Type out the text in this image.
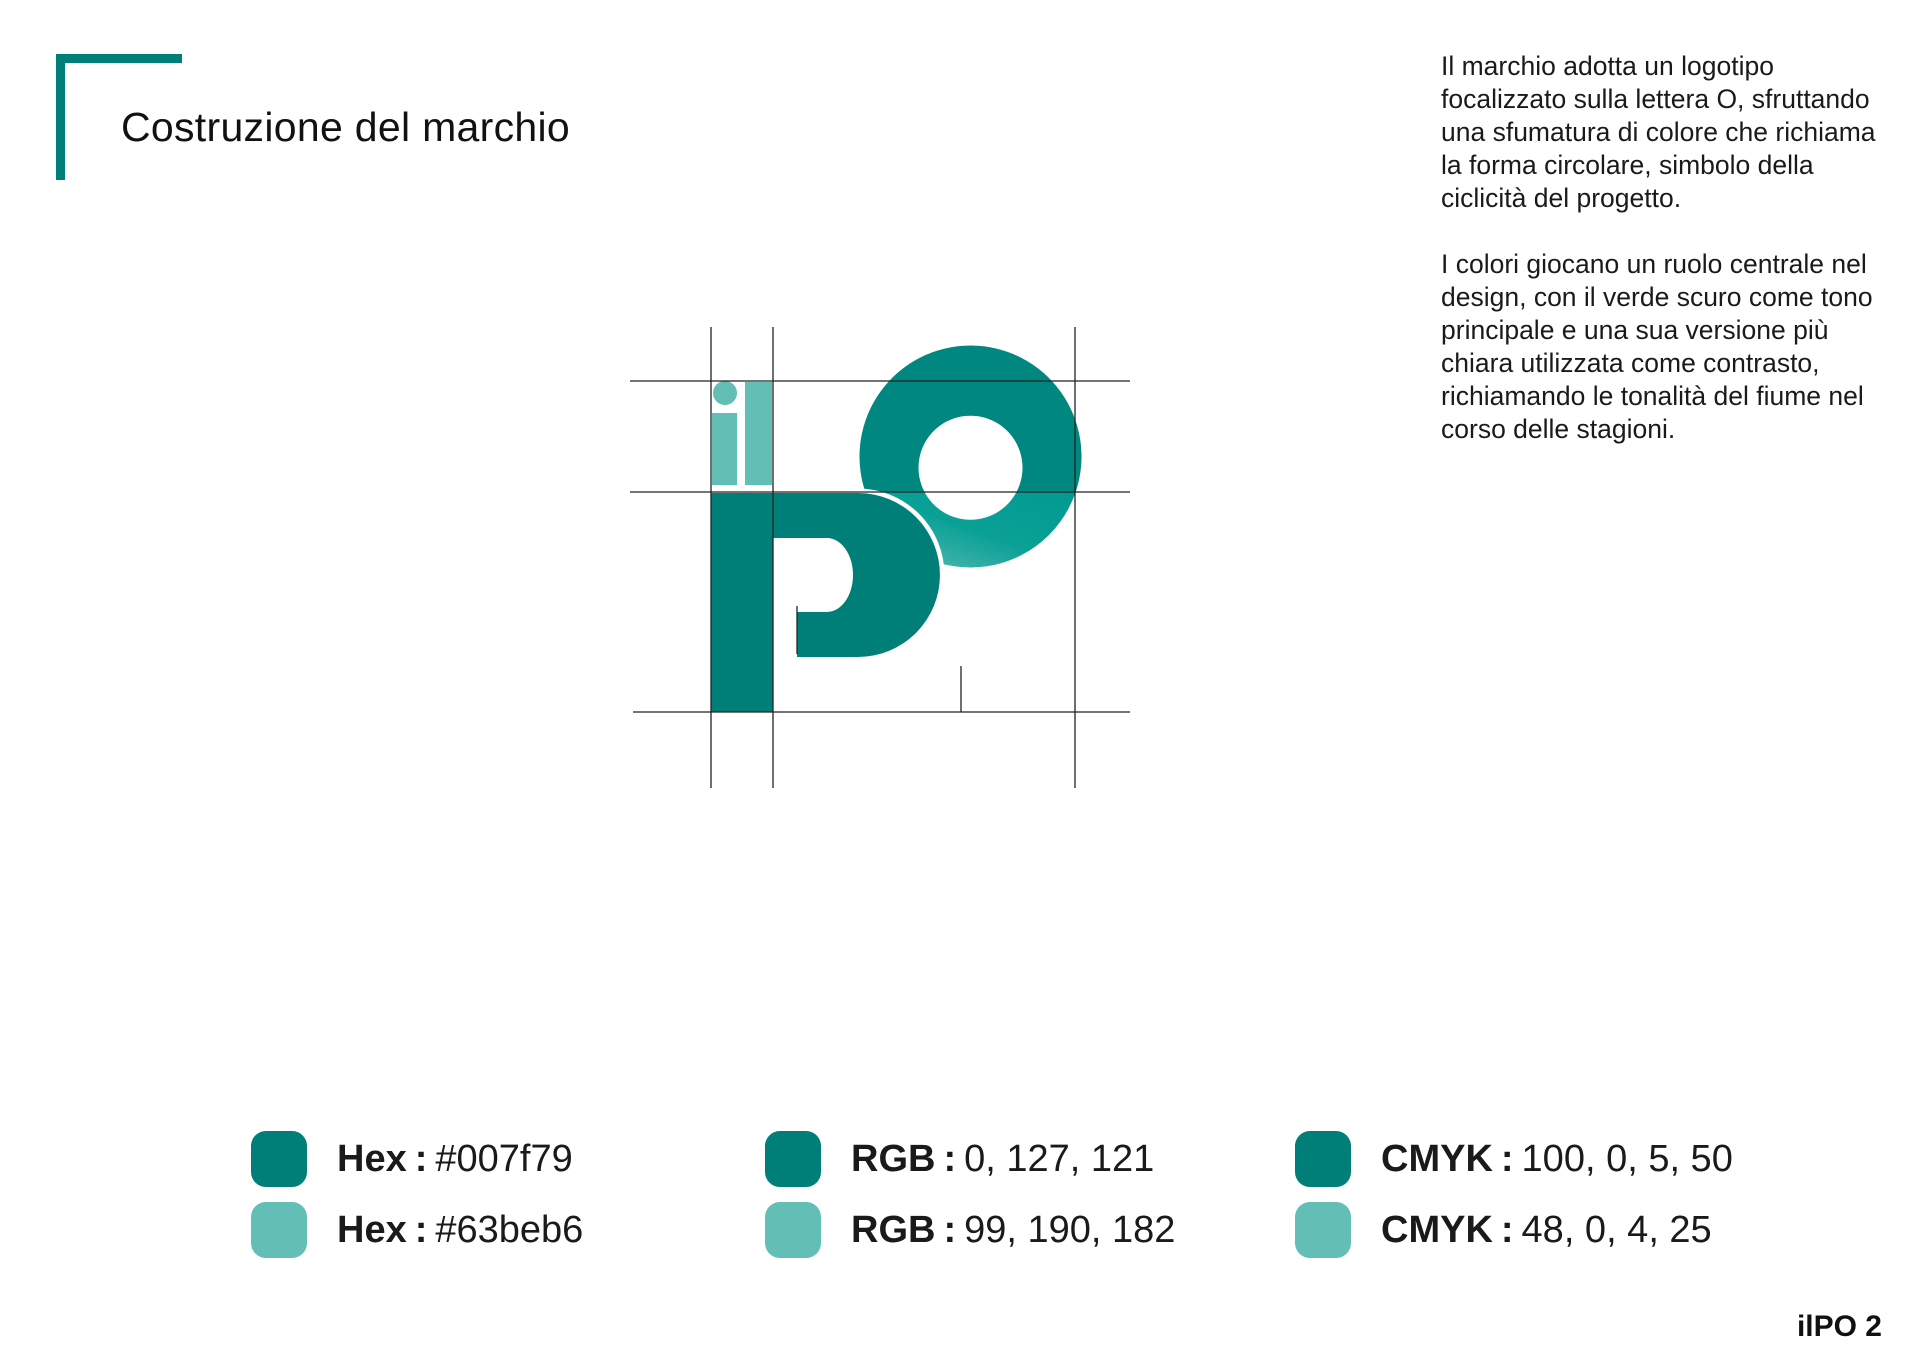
Costruzione del marchio

Il marchio adotta un logotipo focalizzato sulla lettera O, sfruttando una sfumatura di colore che richiama la forma circolare, simbolo della ciclicità del progetto.

I colori giocano un ruolo centrale nel design, con il verde scuro come tono principale e una sua versione più chiara utilizzata come contrasto, richiamando le tonalità del fiume nel corso delle stagioni.

Hex : #007f79
Hex : #63beb6
RGB : 0, 127, 121
RGB : 99, 190, 182
CMYK : 100, 0, 5, 50
CMYK : 48, 0, 4, 25
ilPO 2
